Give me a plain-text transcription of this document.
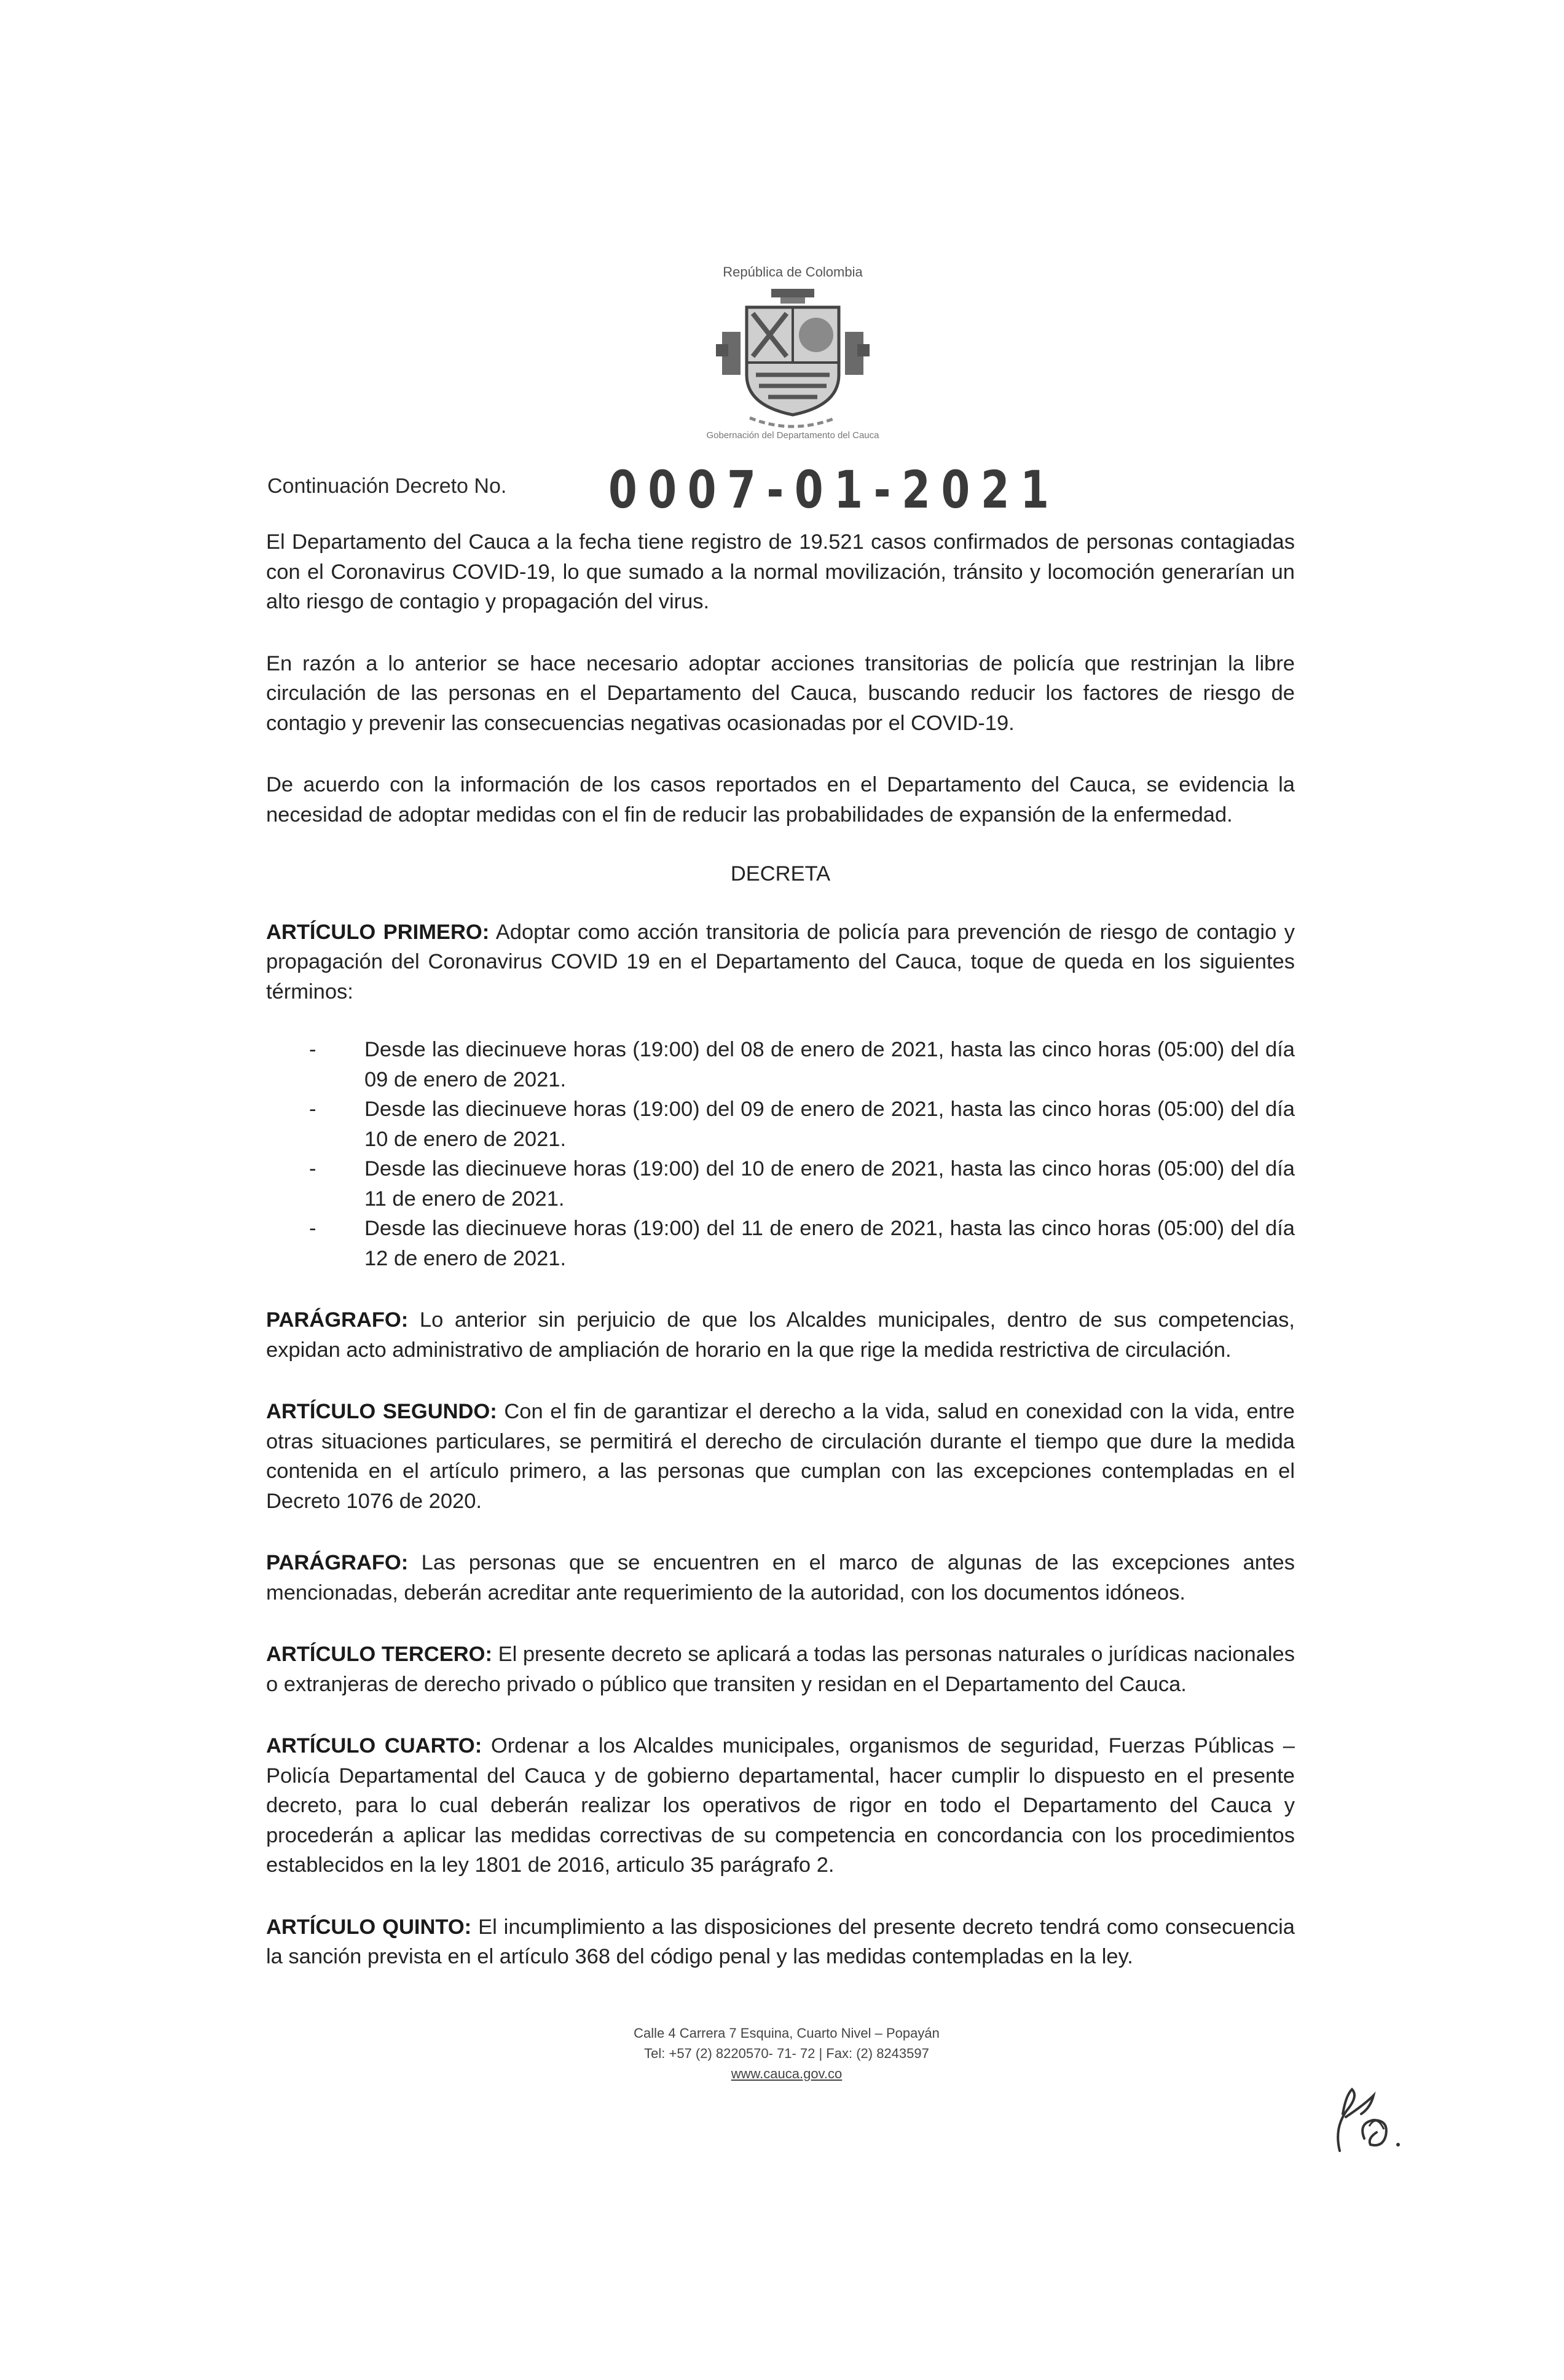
República de Colombia
Gobernación del Departamento del Cauca
Continuación Decreto No. 0007-01-2021

El Departamento del Cauca a la fecha tiene registro de 19.521 casos confirmados de personas contagiadas con el Coronavirus COVID-19, lo que sumado a la normal movilización, tránsito y locomoción generarían un alto riesgo de contagio y propagación del virus.

En razón a lo anterior se hace necesario adoptar acciones transitorias de policía que restrinjan la libre circulación de las personas en el Departamento del Cauca, buscando reducir los factores de riesgo de contagio y prevenir las consecuencias negativas ocasionadas por el COVID-19.

De acuerdo con la información de los casos reportados en el Departamento del Cauca, se evidencia la necesidad de adoptar medidas con el fin de reducir las probabilidades de expansión de la enfermedad.

DECRETA

ARTÍCULO PRIMERO: Adoptar como acción transitoria de policía para prevención de riesgo de contagio y propagación del Coronavirus COVID 19 en el Departamento del Cauca, toque de queda en los siguientes términos:

-	Desde las diecinueve horas (19:00) del 08 de enero de 2021, hasta las cinco horas (05:00) del día 09 de enero de 2021.
-	Desde las diecinueve horas (19:00) del 09 de enero de 2021, hasta las cinco horas (05:00) del día 10 de enero de 2021.
-	Desde las diecinueve horas (19:00) del 10 de enero de 2021, hasta las cinco horas (05:00) del día 11 de enero de 2021.
-	Desde las diecinueve horas (19:00) del 11 de enero de 2021, hasta las cinco horas (05:00) del día 12 de enero de 2021.

PARÁGRAFO: Lo anterior sin perjuicio de que los Alcaldes municipales, dentro de sus competencias, expidan acto administrativo de ampliación de horario en la que rige la medida restrictiva de circulación.

ARTÍCULO SEGUNDO: Con el fin de garantizar el derecho a la vida, salud en conexidad con la vida, entre otras situaciones particulares, se permitirá el derecho de circulación durante el tiempo que dure la medida contenida en el artículo primero, a las personas que cumplan con las excepciones contempladas en el Decreto 1076 de 2020.

PARÁGRAFO: Las personas que se encuentren en el marco de algunas de las excepciones antes mencionadas, deberán acreditar ante requerimiento de la autoridad, con los documentos idóneos.

ARTÍCULO TERCERO: El presente decreto se aplicará a todas las personas naturales o jurídicas nacionales o extranjeras de derecho privado o público que transiten y residan en el Departamento del Cauca.

ARTÍCULO CUARTO: Ordenar a los Alcaldes municipales, organismos de seguridad, Fuerzas Públicas – Policía Departamental del Cauca y de gobierno departamental, hacer cumplir lo dispuesto en el presente decreto, para lo cual deberán realizar los operativos de rigor en todo el Departamento del Cauca y procederán a aplicar las medidas correctivas de su competencia en concordancia con los procedimientos establecidos en la ley 1801 de 2016, articulo 35 parágrafo 2.

ARTÍCULO QUINTO: El incumplimiento a las disposiciones del presente decreto tendrá como consecuencia la sanción prevista en el artículo 368 del código penal y las medidas contempladas en la ley.

Calle 4 Carrera 7 Esquina, Cuarto Nivel – Popayán
Tel: +57 (2) 8220570- 71- 72 | Fax: (2) 8243597
www.cauca.gov.co
